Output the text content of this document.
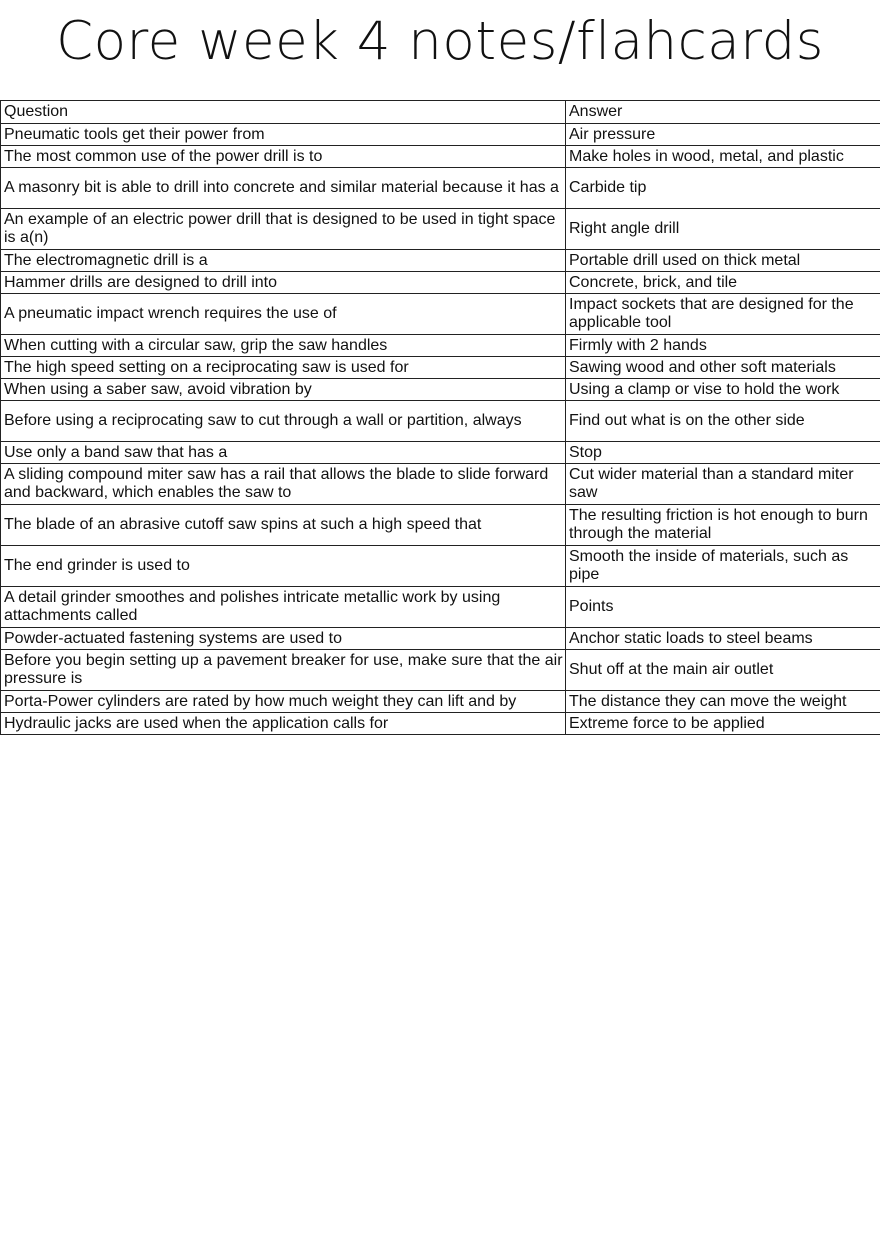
Core week 4 notes/flahcards
Question	Answer
Pneumatic tools get their power from	Air pressure
The most common use of the power drill is to	Make holes in wood, metal, and plastic
A masonry bit is able to drill into concrete and similar material because it has a	Carbide tip
An example of an electric power drill that is designed to be used in tight space is a(n)	Right angle drill
The electromagnetic drill is a	Portable drill used on thick metal
Hammer drills are designed to drill into	Concrete, brick, and tile
A pneumatic impact wrench requires the use of	Impact sockets that are designed for the applicable tool
When cutting with a circular saw, grip the saw handles	Firmly with 2 hands
The high speed setting on a reciprocating saw is used for	Sawing wood and other soft materials
When using a saber saw, avoid vibration by	Using a clamp or vise to hold the work
Before using a reciprocating saw to cut through a wall or partition, always	Find out what is on the other side
Use only a band saw that has a	Stop
A sliding compound miter saw has a rail that allows the blade to slide forward and backward, which enables the saw to	Cut wider material than a standard miter saw
The blade of an abrasive cutoff saw spins at such a high speed that	The resulting friction is hot enough to burn through the material
The end grinder is used to	Smooth the inside of materials, such as pipe
A detail grinder smoothes and polishes intricate metallic work by using attachments called	Points
Powder-actuated fastening systems are used to	Anchor static loads to steel beams
Before you begin setting up a pavement breaker for use, make sure that the air pressure is	Shut off at the main air outlet
Porta-Power cylinders are rated by how much weight they can lift and by	The distance they can move the weight
Hydraulic jacks are used when the application calls for	Extreme force to be applied
